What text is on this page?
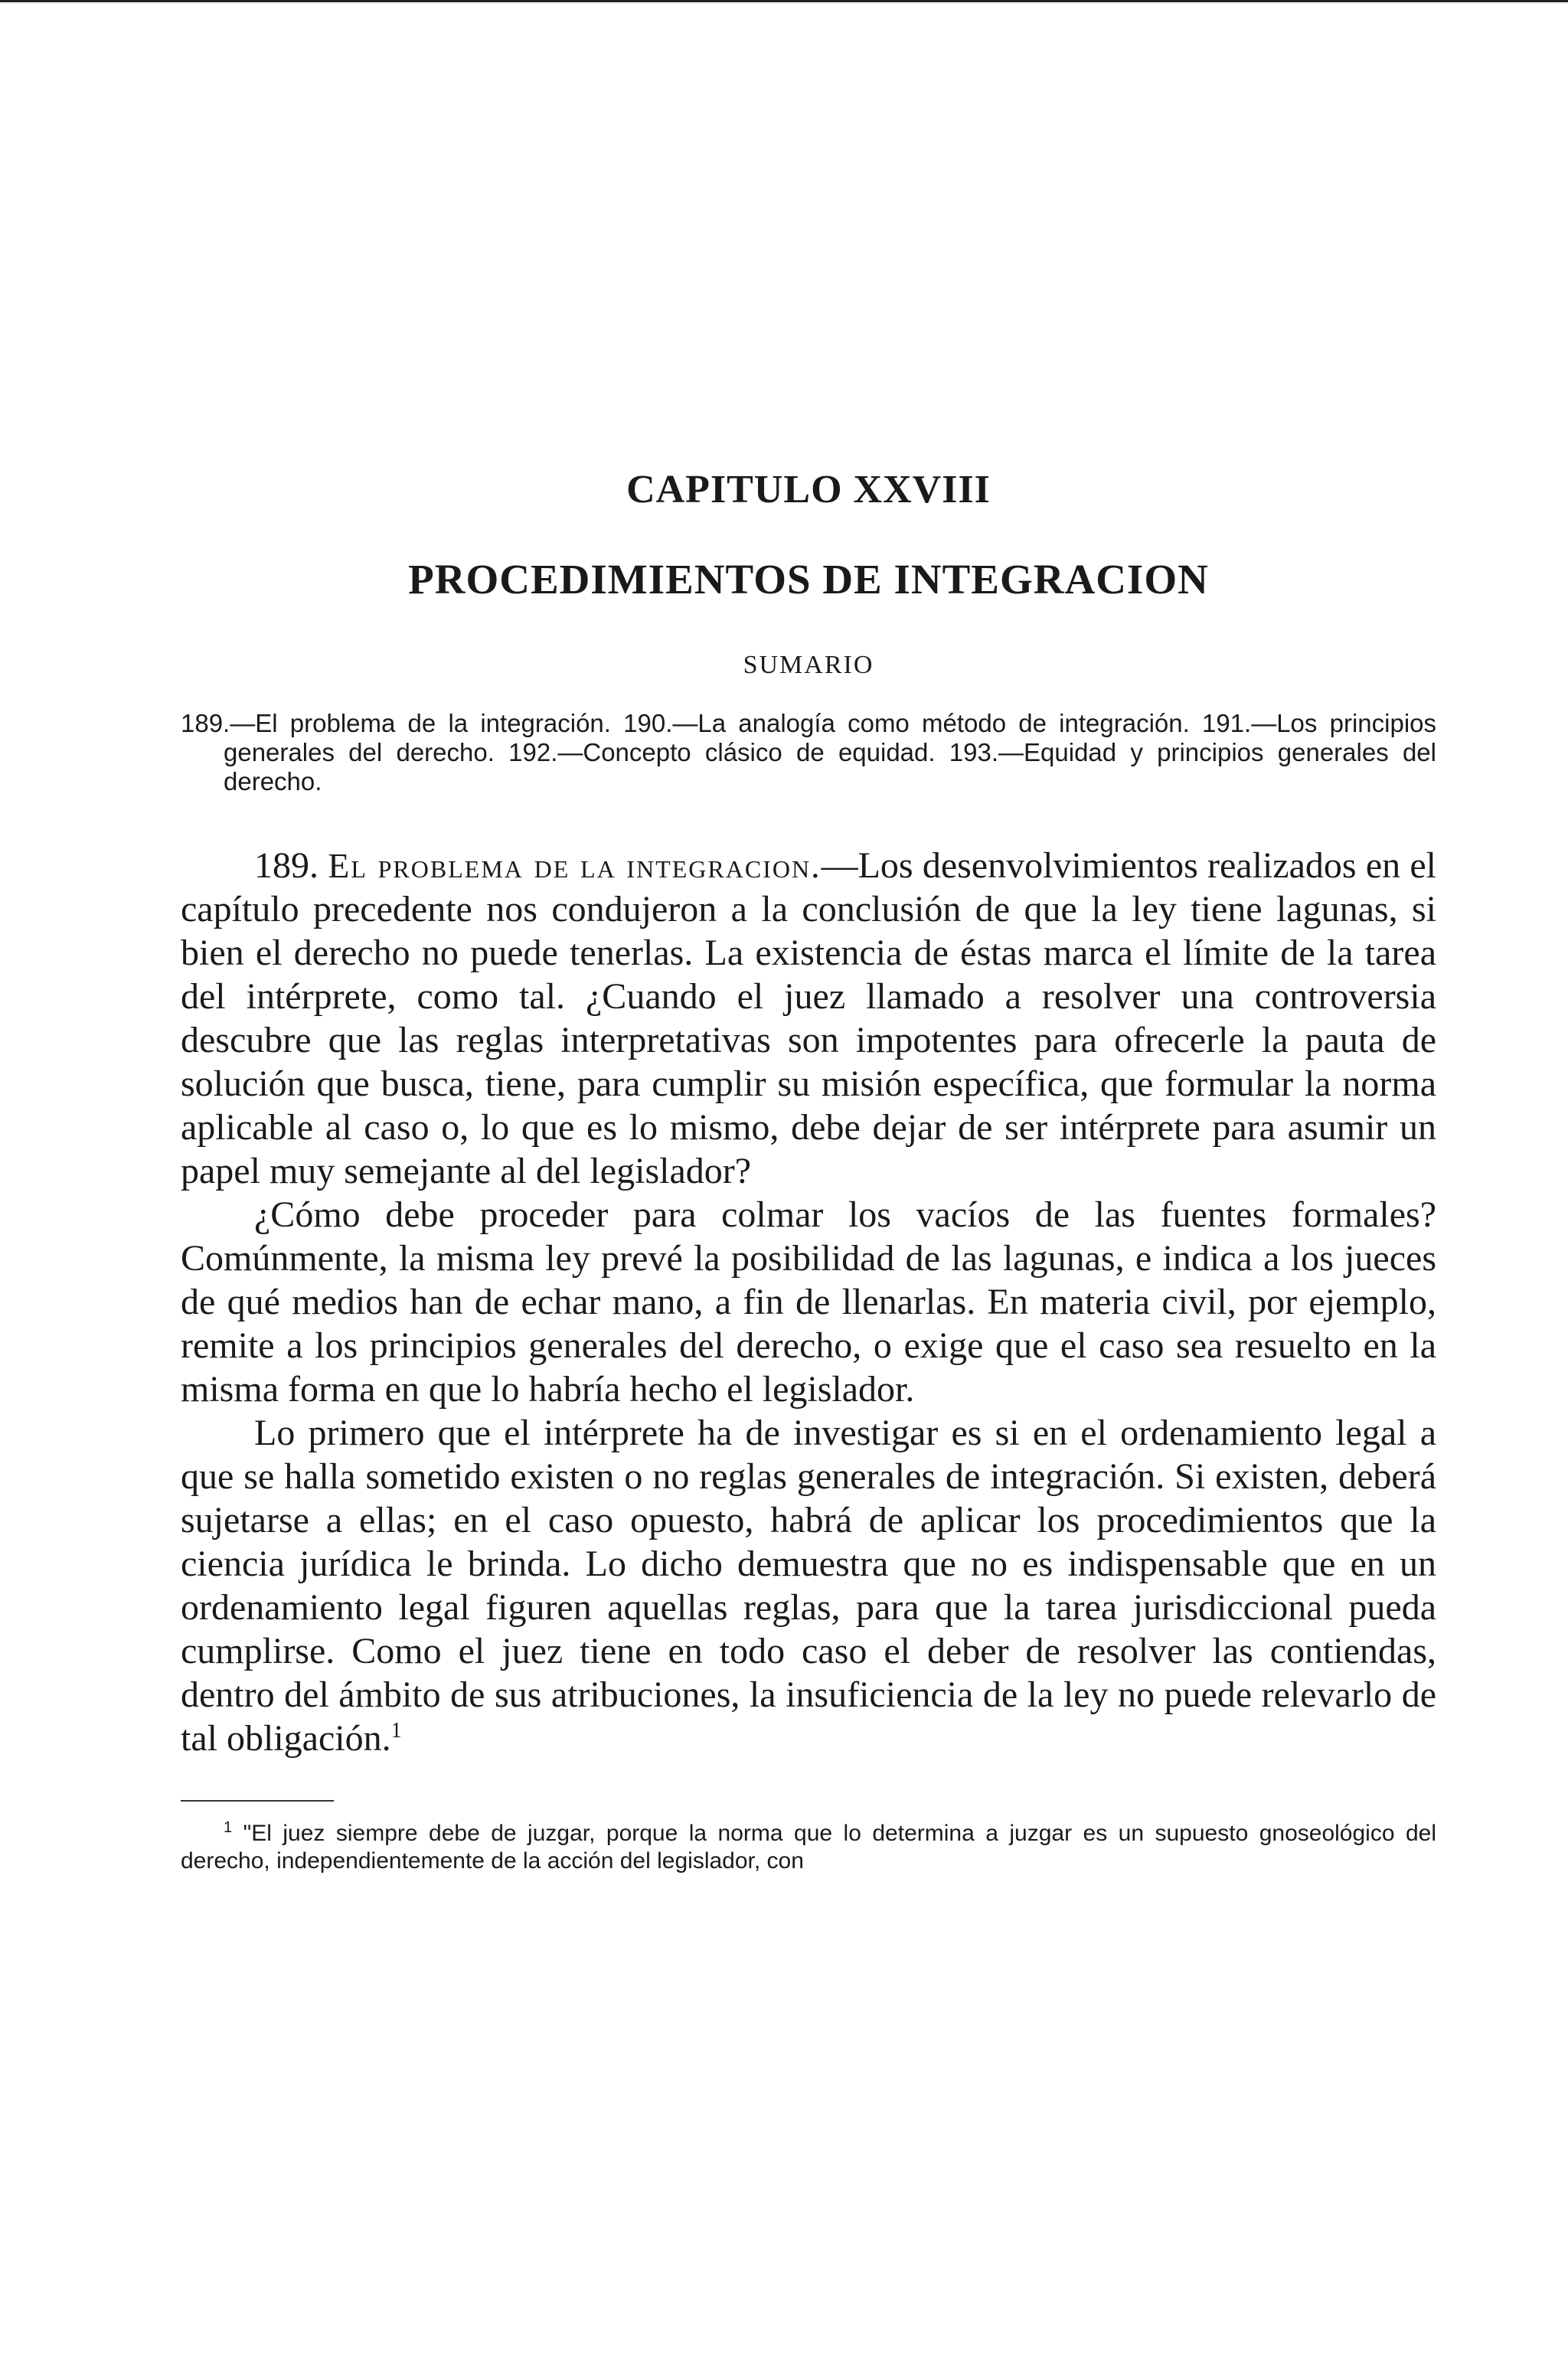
CAPITULO XXVIII
PROCEDIMIENTOS DE INTEGRACION
SUMARIO

189.—El problema de la integración. 190.—La analogía como método de integración. 191.—Los principios generales del derecho. 192.—Concepto clásico de equidad. 193.—Equidad y principios generales del derecho.

189. El problema de la integracion.—Los desenvolvimientos realizados en el capítulo precedente nos condujeron a la conclusión de que la ley tiene lagunas, si bien el derecho no puede tenerlas. La existencia de éstas marca el límite de la tarea del intérprete, como tal. ¿Cuando el juez llamado a resolver una controversia descubre que las reglas interpretativas son impotentes para ofrecerle la pauta de solución que busca, tiene, para cumplir su misión específica, que formular la norma aplicable al caso o, lo que es lo mismo, debe dejar de ser intérprete para asumir un papel muy semejante al del legislador?

¿Cómo debe proceder para colmar los vacíos de las fuentes formales? Comúnmente, la misma ley prevé la posibilidad de las lagunas, e indica a los jueces de qué medios han de echar mano, a fin de llenarlas. En materia civil, por ejemplo, remite a los principios generales del derecho, o exige que el caso sea resuelto en la misma forma en que lo habría hecho el legislador.

Lo primero que el intérprete ha de investigar es si en el ordenamiento legal a que se halla sometido existen o no reglas generales de integración. Si existen, deberá sujetarse a ellas; en el caso opuesto, habrá de aplicar los procedimientos que la ciencia jurídica le brinda. Lo dicho demuestra que no es indispensable que en un ordenamiento legal figuren aquellas reglas, para que la tarea jurisdiccional pueda cumplirse. Como el juez tiene en todo caso el deber de resolver las contiendas, dentro del ámbito de sus atribuciones, la insuficiencia de la ley no puede relevarlo de tal obligación.$^1$

$^1$ "El juez siempre debe de juzgar, porque la norma que lo determina a juzgar es un supuesto gnoseológico del derecho, independientemente de la acción del legislador, con
